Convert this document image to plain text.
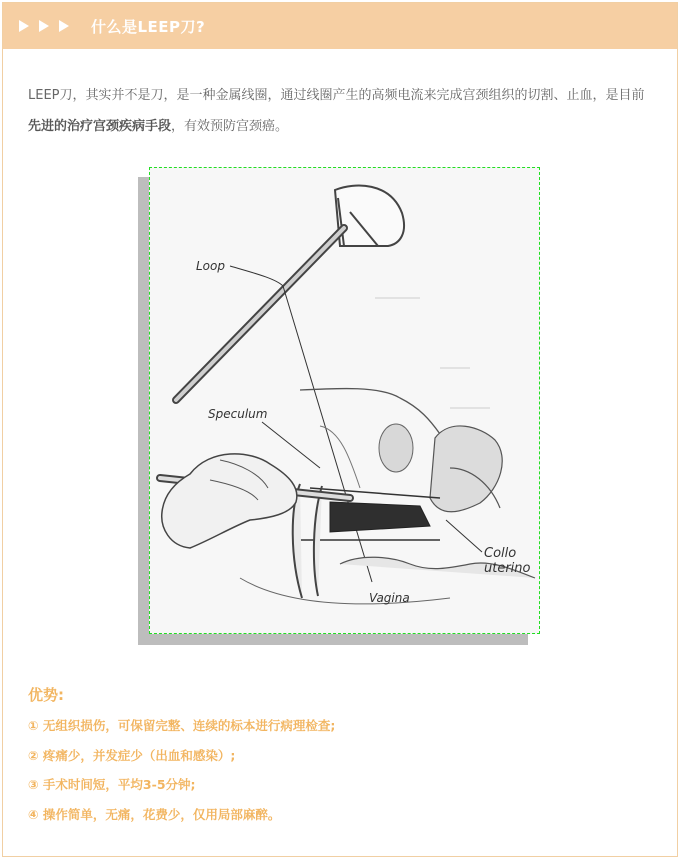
什么是LEEP刀?
LEEP刀，其实并不是刀，是一种金属线圈，通过线圈产生的高频电流来完成宫颈组织的切割、止血，是目前先进的治疗宫颈疾病手段，有效预防宫颈癌。
Loop
Speculum
Vagina
Collo
uterino
优势:
① 无组织损伤，可保留完整、连续的标本进行病理检查;
② 疼痛少，并发症少（出血和感染）;
③ 手术时间短，平均3-5分钟;
④ 操作简单，无痛，花费少，仅用局部麻醉。
